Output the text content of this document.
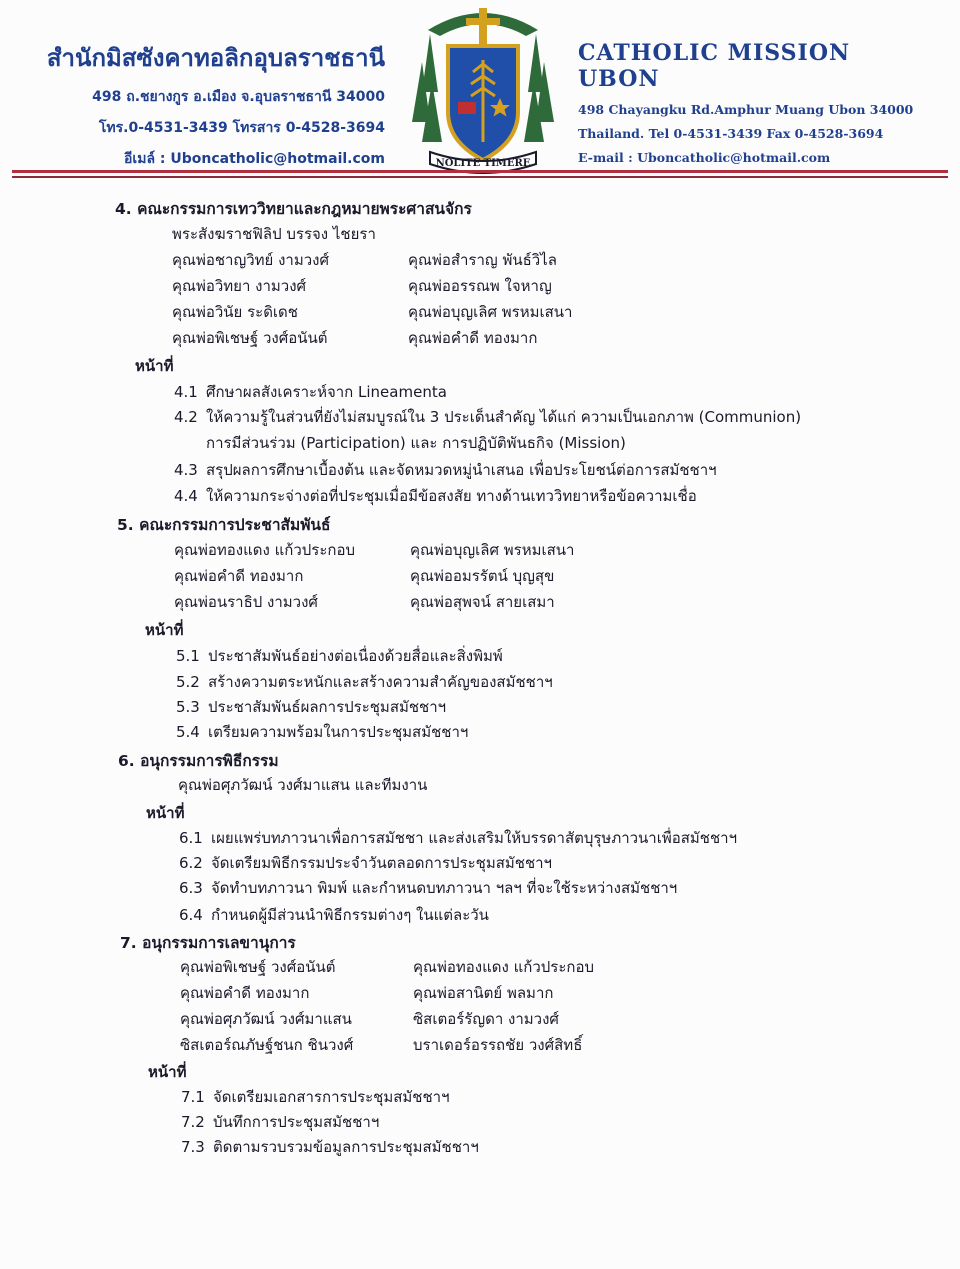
สำนักมิสซังคาทอลิกอุบลราชธานี
498 ถ.ชยางกูร อ.เมือง จ.อุบลราชธานี 34000
โทร.0-4531-3439 โทรสาร 0-4528-3694
อีเมล์ : Uboncatholic@hotmail.com	NOLITE TIMERE
CATHOLIC MISSION UBON
498 Chayangku Rd.Amphur Muang Ubon 34000
Thailand. Tel 0-4531-3439 Fax 0-4528-3694
E-mail : Uboncatholic@hotmail.com
4. คณะกรรมการเทววิทยาและกฎหมายพระศาสนจักร
พระสังฆราชฟิลิป บรรจง ไชยรา
คุณพ่อชาญวิทย์ งามวงศ์	คุณพ่อสำราญ พันธ์วิไล
คุณพ่อวิทยา งามวงศ์	คุณพ่ออรรณพ ใจหาญ
คุณพ่อวินัย ระดิเดช	คุณพ่อบุญเลิศ พรหมเสนา
คุณพ่อพิเชษฐ์ วงศ์อนันต์	คุณพ่อคำดี ทองมาก
หน้าที่
4.1 ศึกษาผลสังเคราะห์จาก Lineamenta
4.2 ให้ความรู้ในส่วนที่ยังไม่สมบูรณ์ใน 3 ประเด็นสำคัญ ได้แก่ ความเป็นเอกภาพ (Communion)
การมีส่วนร่วม (Participation) และ การปฏิบัติพันธกิจ (Mission)
4.3 สรุปผลการศึกษาเบื้องต้น และจัดหมวดหมู่นำเสนอ เพื่อประโยชน์ต่อการสมัชชาฯ
4.4 ให้ความกระจ่างต่อที่ประชุมเมื่อมีข้อสงสัย ทางด้านเทววิทยาหรือข้อความเชื่อ
5. คณะกรรมการประชาสัมพันธ์
คุณพ่อทองแดง แก้วประกอบ	คุณพ่อบุญเลิศ พรหมเสนา
คุณพ่อคำดี ทองมาก	คุณพ่ออมรรัตน์ บุญสุข
คุณพ่อนราธิป งามวงศ์	คุณพ่อสุพจน์ สายเสมา
หน้าที่
5.1 ประชาสัมพันธ์อย่างต่อเนื่องด้วยสื่อและสิ่งพิมพ์
5.2 สร้างความตระหนักและสร้างความสำคัญของสมัชชาฯ
5.3 ประชาสัมพันธ์ผลการประชุมสมัชชาฯ
5.4 เตรียมความพร้อมในการประชุมสมัชชาฯ
6. อนุกรรมการพิธีกรรม
คุณพ่อศุภวัฒน์ วงศ์มาแสน และทีมงาน
หน้าที่
6.1 เผยแพร่บทภาวนาเพื่อการสมัชชา และส่งเสริมให้บรรดาสัตบุรุษภาวนาเพื่อสมัชชาฯ
6.2 จัดเตรียมพิธีกรรมประจำวันตลอดการประชุมสมัชชาฯ
6.3 จัดทำบทภาวนา พิมพ์ และกำหนดบทภาวนา ฯลฯ ที่จะใช้ระหว่างสมัชชาฯ
6.4 กำหนดผู้มีส่วนนำพิธีกรรมต่างๆ ในแต่ละวัน
7. อนุกรรมการเลขานุการ
คุณพ่อพิเชษฐ์ วงศ์อนันต์	คุณพ่อทองแดง แก้วประกอบ
คุณพ่อคำดี ทองมาก	คุณพ่อสานิตย์ พลมาก
คุณพ่อศุภวัฒน์ วงศ์มาแสน	ซิสเตอร์รัญดา งามวงศ์
ซิสเตอร์ณภัษฐ์ชนก ชินวงศ์	บราเดอร์อรรถชัย วงศ์สิทธิ์
หน้าที่
7.1 จัดเตรียมเอกสารการประชุมสมัชชาฯ
7.2 บันทึกการประชุมสมัชชาฯ
7.3 ติดตามรวบรวมข้อมูลการประชุมสมัชชาฯ
